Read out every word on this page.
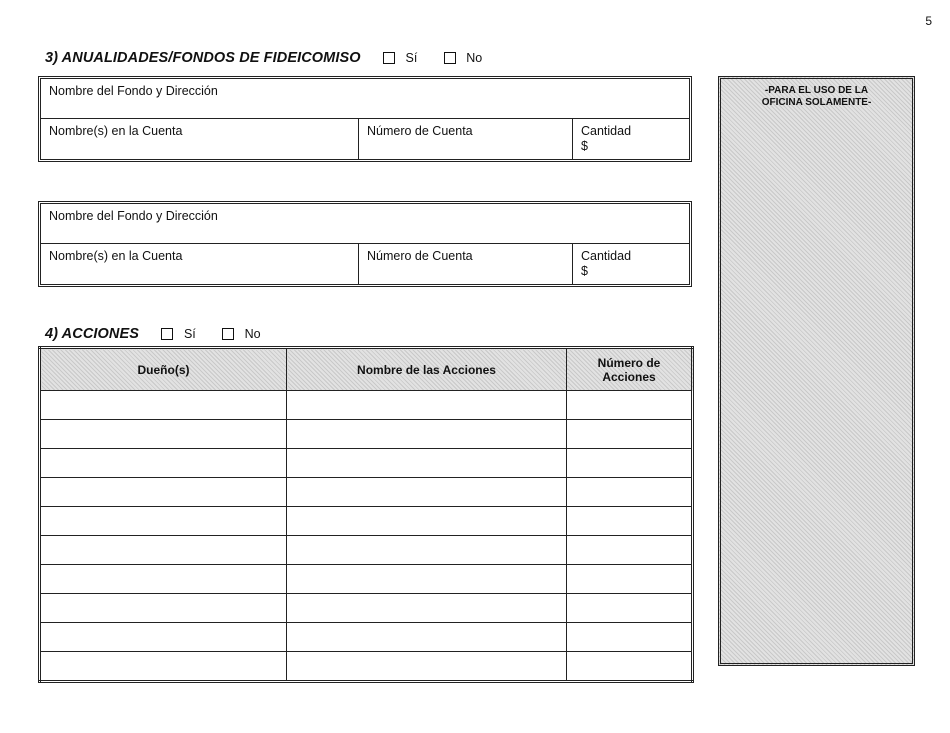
5
3) ANUALIDADES/FONDOS DE FIDEICOMISO	Sí	No
Nombre del Fondo y Dirección
Nombre(s) en la Cuenta	Número de Cuenta	Cantidad
$
Nombre del Fondo y Dirección
Nombre(s) en la Cuenta	Número de Cuenta	Cantidad
$
4) ACCIONES	Sí	No
Dueño(s)	Nombre de las Acciones	Número de Acciones

-PARA EL USO DE LA
OFICINA SOLAMENTE-
